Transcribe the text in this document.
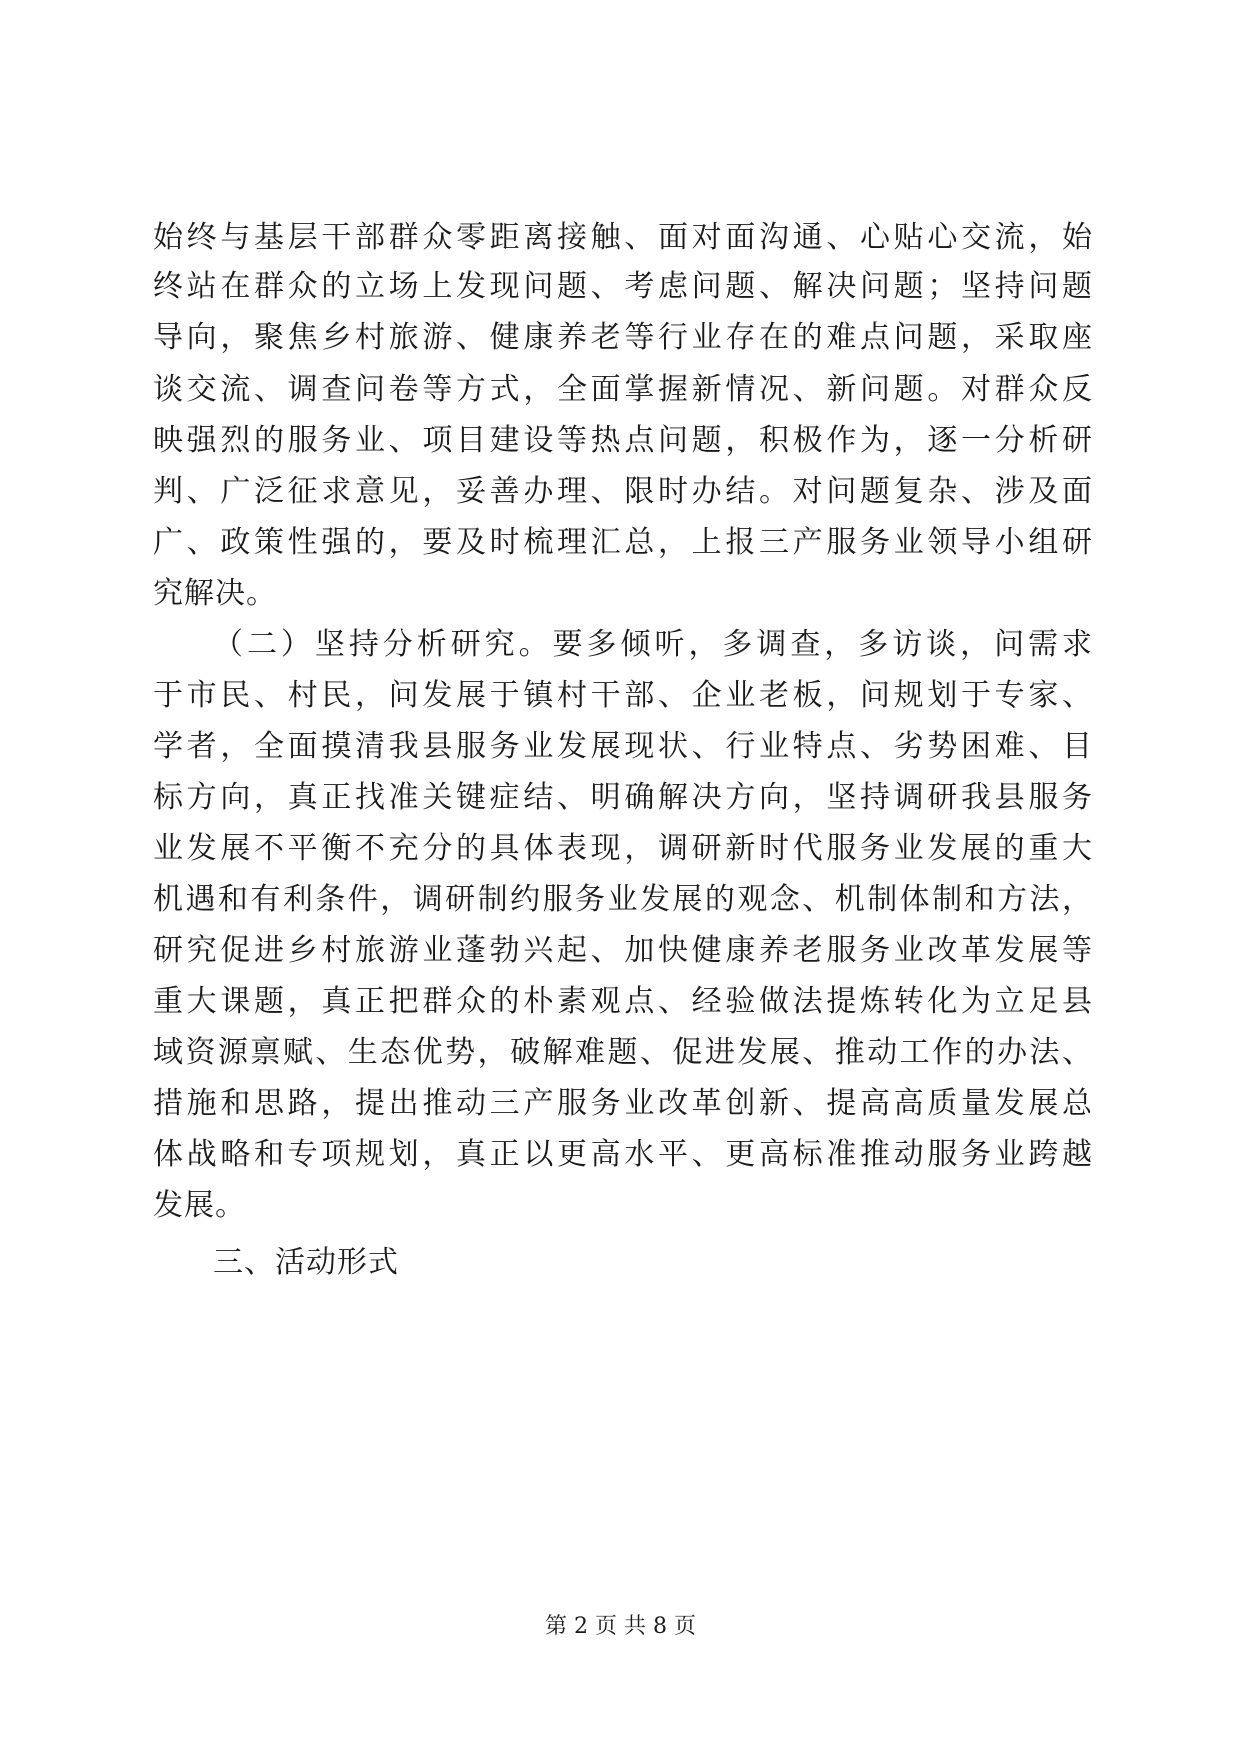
始终与基层干部群众零距离接触、面对面沟通、心贴心交流，始
终站在群众的立场上发现问题、考虑问题、解决问题；坚持问题
导向，聚焦乡村旅游、健康养老等行业存在的难点问题，采取座
谈交流、调查问卷等方式，全面掌握新情况、新问题。对群众反
映强烈的服务业、项目建设等热点问题，积极作为，逐一分析研
判、广泛征求意见，妥善办理、限时办结。对问题复杂、涉及面
广、政策性强的，要及时梳理汇总，上报三产服务业领导小组研
究解决。
（二）坚持分析研究。要多倾听，多调查，多访谈，问需求
于市民、村民，问发展于镇村干部、企业老板，问规划于专家、
学者，全面摸清我县服务业发展现状、行业特点、劣势困难、目
标方向，真正找准关键症结、明确解决方向，坚持调研我县服务
业发展不平衡不充分的具体表现，调研新时代服务业发展的重大
机遇和有利条件，调研制约服务业发展的观念、机制体制和方法，
研究促进乡村旅游业蓬勃兴起、加快健康养老服务业改革发展等
重大课题，真正把群众的朴素观点、经验做法提炼转化为立足县
域资源禀赋、生态优势，破解难题、促进发展、推动工作的办法、
措施和思路，提出推动三产服务业改革创新、提高高质量发展总
体战略和专项规划，真正以更高水平、更高标准推动服务业跨越
发展。
三、活动形式
第 2 页 共 8 页
